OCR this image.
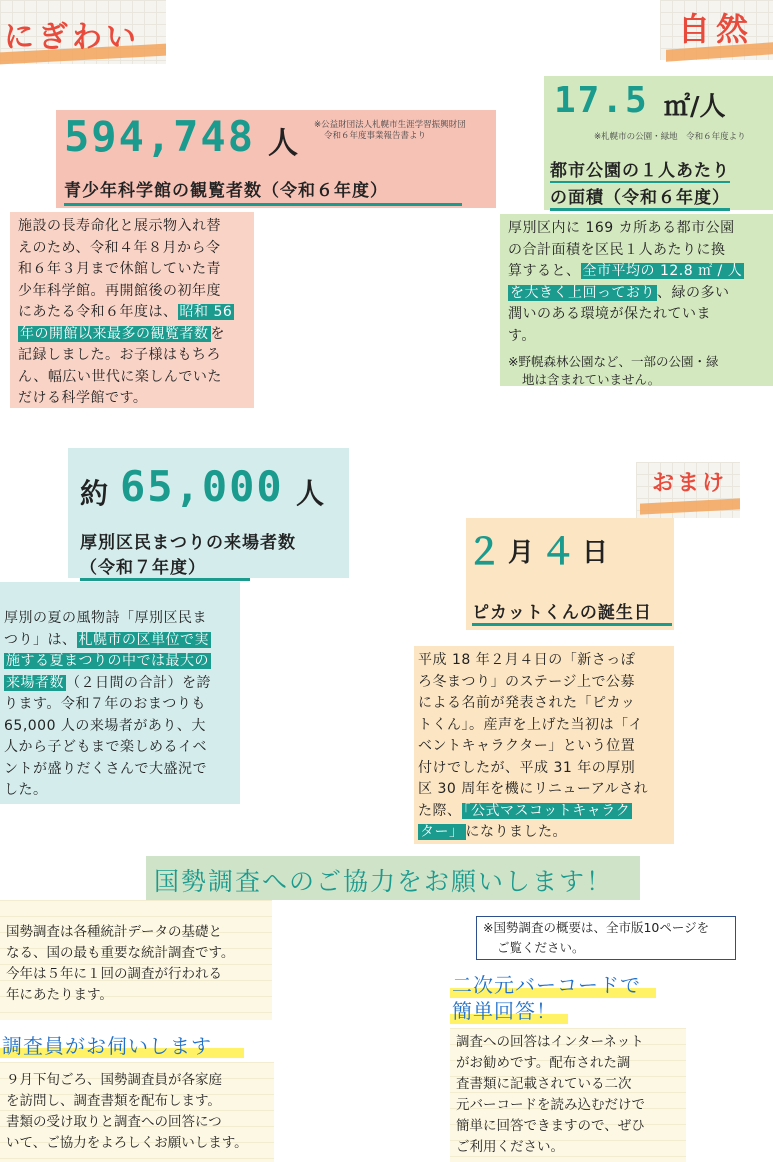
にぎわい	自然
594,748 人
※公益財団法人札幌市生涯学習振興財団
令和６年度事業報告書より
青少年科学館の観覧者数（令和６年度）
施設の長寿命化と展示物入れ替
えのため、令和４年８月から令
和６年３月まで休館していた青
少年科学館。再開館後の初年度
にあたる令和６年度は、 昭和 56
年の開館以来最多の観覧者数 を
記録しました。お子様はもちろ
ん、幅広い世代に楽しんでいた
だける科学館です。
17.5 ㎡/人
※札幌市の公園・緑地　令和６年度より
都市公園の１人あたり の面積（令和６年度）
厚別区内に 169 カ所ある都市公園
の合計面積を区民１人あたりに換
算すると、 全市平均の 12.8 ㎡ / 人
を大きく上回っており 、緑の多い
潤いのある環境が保たれていま
す。
※野幌森林公園など、一部の公園・緑
地は含まれていません。
約 65,000 人
厚別区民まつりの来場者数
（令和７年度）
厚別の夏の風物詩「厚別区民ま
つり」は、 札幌市の区単位で実
施する夏まつりの中では最大の
来場者数 （２日間の合計）を誇
ります。令和７年のおまつりも
65,000 人の来場者があり、大
人から子どもまで楽しめるイベ
ントが盛りだくさんで大盛況で
した。
おまけ
２ 月 ４ 日
ピカットくんの誕生日
平成 18 年２月４日の「新さっぽ
ろ冬まつり」のステージ上で公募
による名前が発表された「ピカッ
トくん」。産声を上げた当初は「イ
ベントキャラクター」という位置
付けでしたが、平成 31 年の厚別
区 30 周年を機にリニューアルされ
た際、 「公式マスコットキャラク
ター」 になりました。
国勢調査へのご協力をお願いします！
国勢調査は各種統計データの基礎と
なる、国の最も重要な統計調査です。
今年は５年に１回の調査が行われる
年にあたります。
調査員がお伺いします
９月下旬ごろ、国勢調査員が各家庭
を訪問し、調査書類を配布します。
書類の受け取りと調査への回答につ
いて、ご協力をよろしくお願いします。
※国勢調査の概要は、全市版10ページを
ご覧ください。
二次元バーコードで
簡単回答！
調査への回答はインターネット
がお勧めです。配布された調
査書類に記載されている二次
元バーコードを読み込むだけで
簡単に回答できますので、ぜひ
ご利用ください。
